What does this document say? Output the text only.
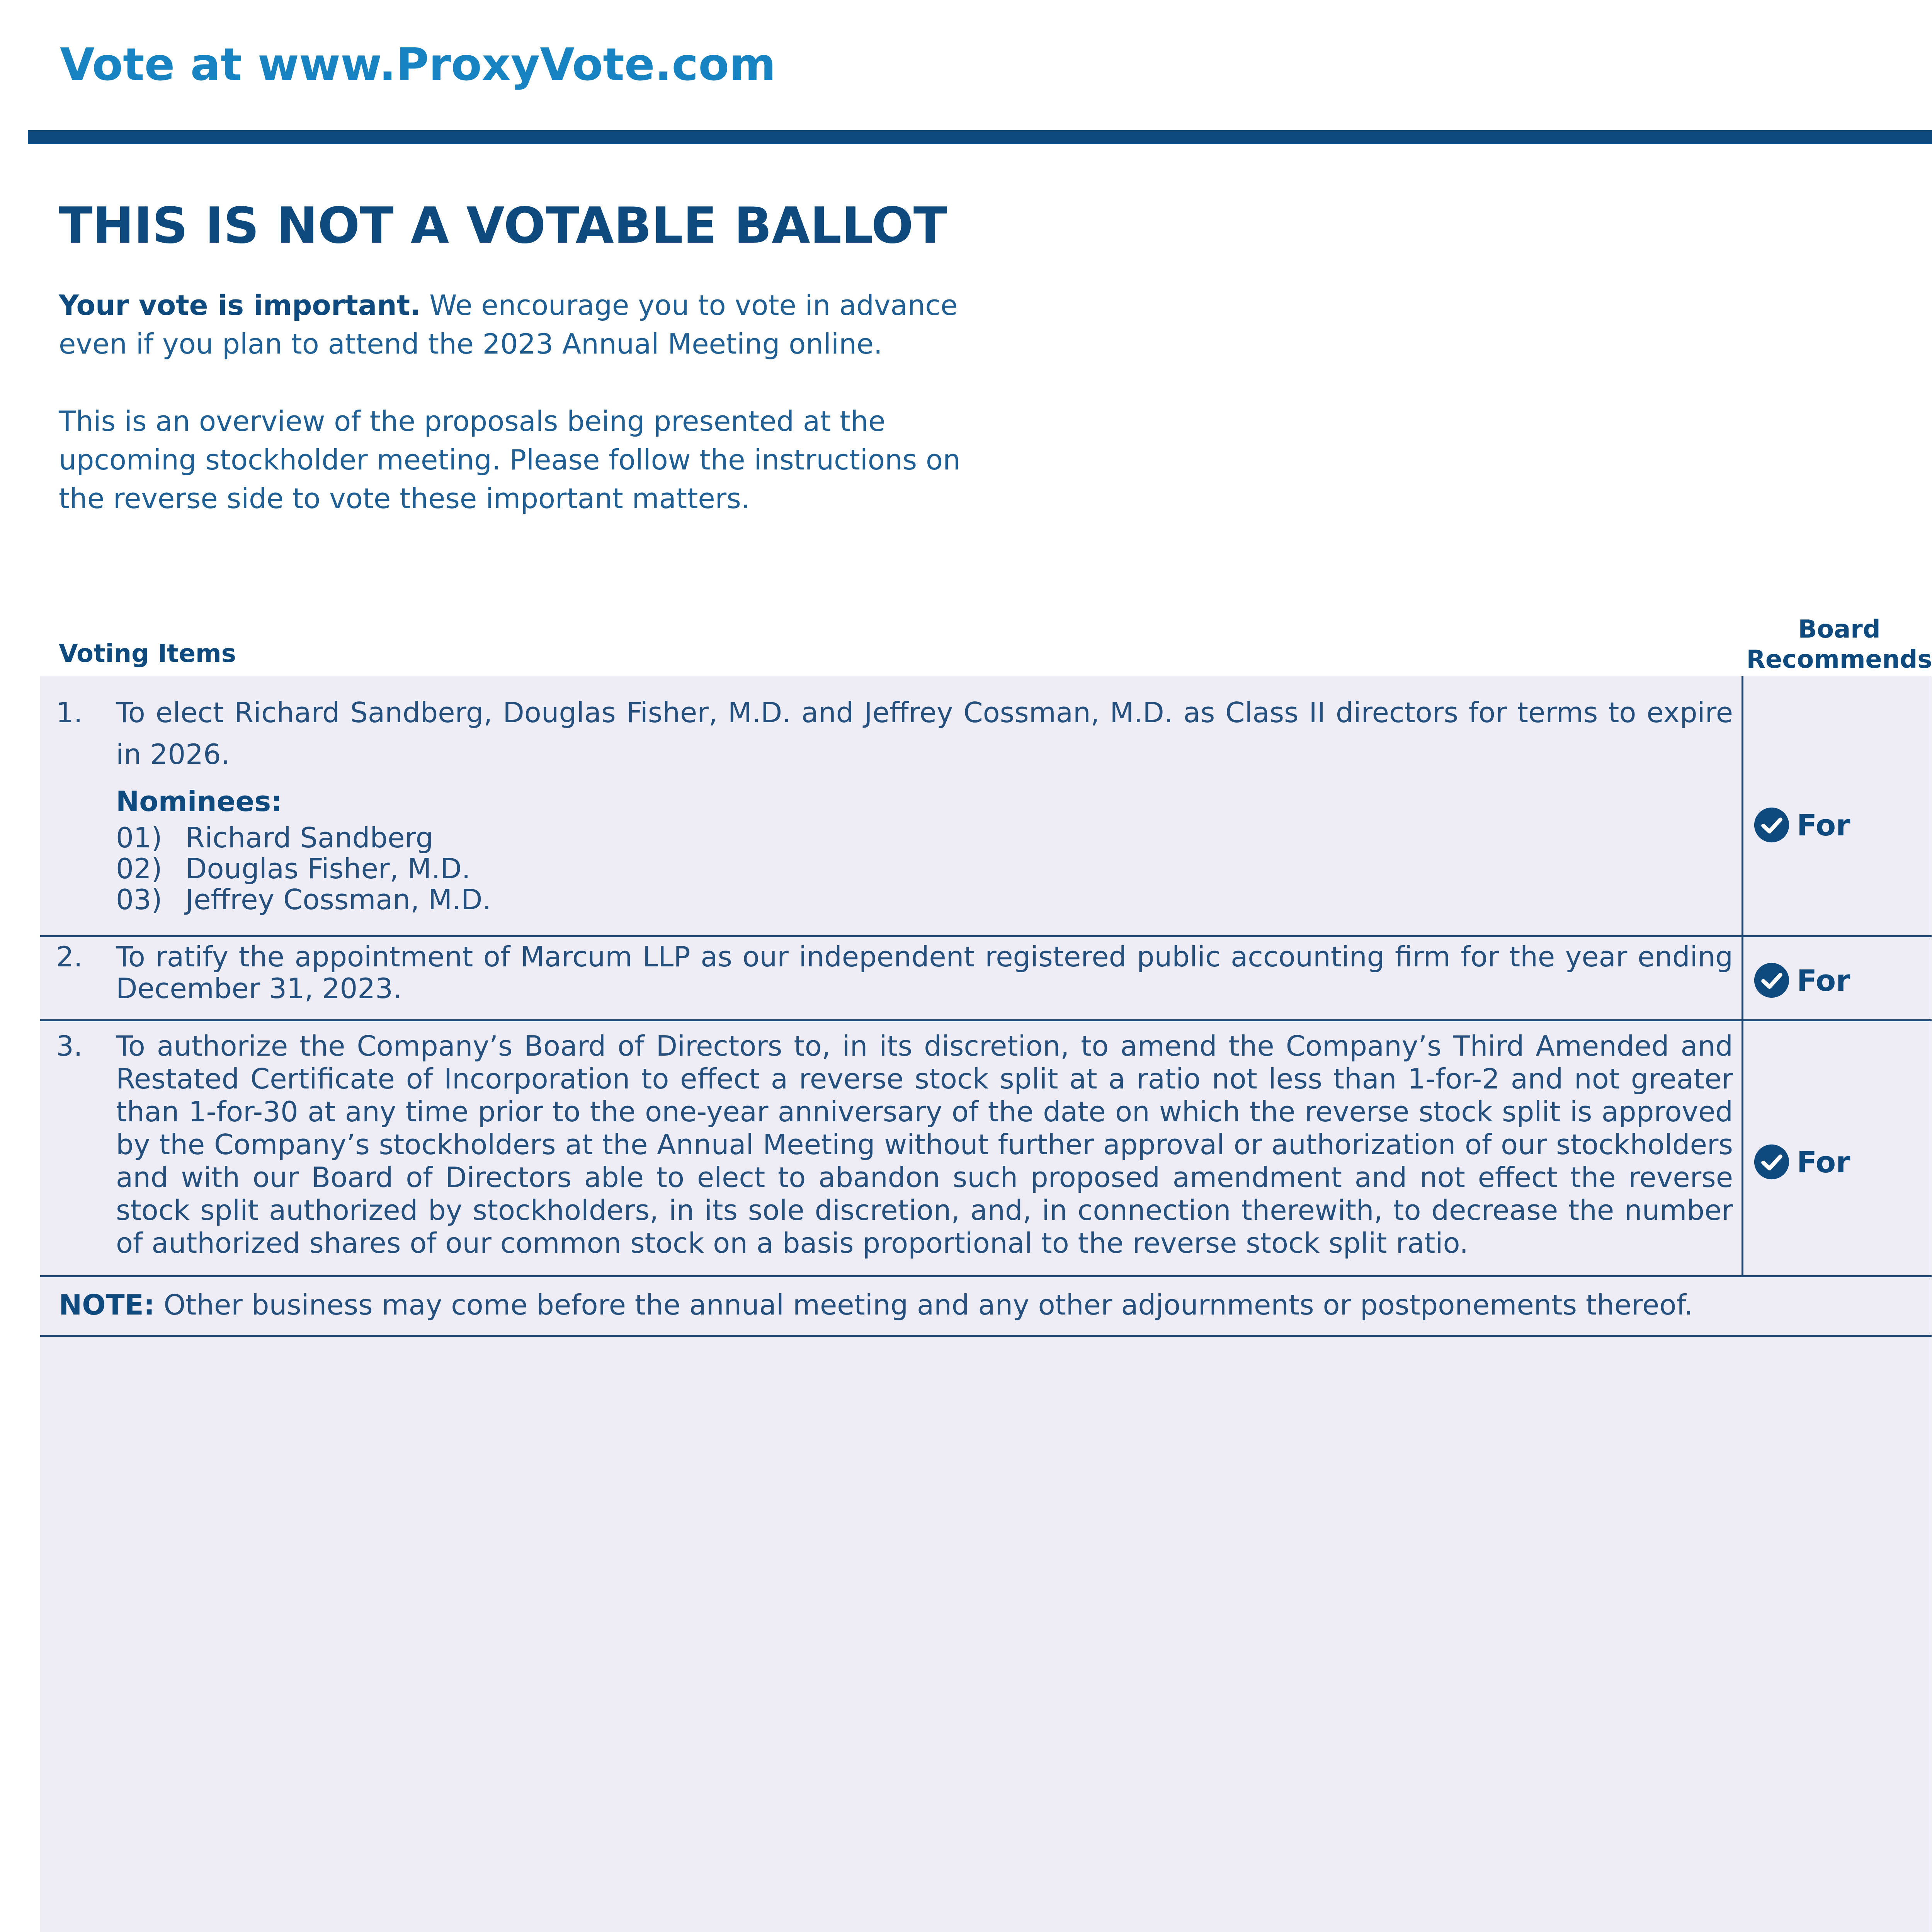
Vote at www.ProxyVote.com
THIS IS NOT A VOTABLE BALLOT

Your vote is important. We encourage you to vote in advance even if you plan to attend the 2023 Annual Meeting online.

This is an overview of the proposals being presented at the upcoming stockholder meeting. Please follow the instructions on the reverse side to vote these important matters.

Voting Items
Board
Recommends
1. To elect Richard Sandberg, Douglas Fisher, M.D. and Jeffrey Cossman, M.D. as Class II directors for terms to expire in 2026.
Nominees:
01) Richard Sandberg
02) Douglas Fisher, M.D.
03) Jeffrey Cossman, M.D.
For
2. To ratify the appointment of Marcum LLP as our independent registered public accounting firm for the year ending December 31, 2023.	For
3. To authorize the Company’s Board of Directors to, in its discretion, to amend the Company’s Third Amended and Restated Certificate of Incorporation to effect a reverse stock split at a ratio not less than 1-for-2 and not greater than 1-for-30 at any time prior to the one-year anniversary of the date on which the reverse stock split is approved by the Company’s stockholders at the Annual Meeting without further approval or authorization of our stockholders and with our Board of Directors able to elect to abandon such proposed amendment and not effect the reverse stock split authorized by stockholders, in its sole discretion, and, in connection therewith, to decrease the number of authorized shares of our common stock on a basis proportional to the reverse stock split ratio.
For
NOTE: Other business may come before the annual meeting and any other adjournments or postponements thereof.
